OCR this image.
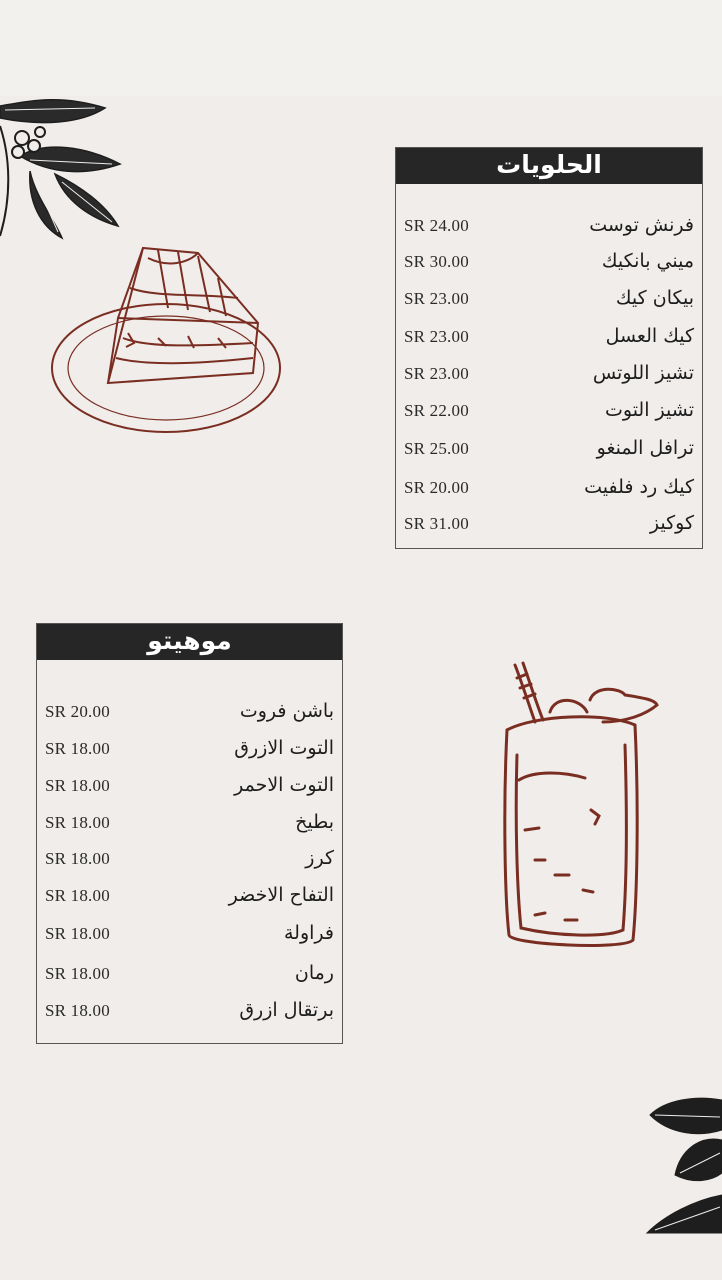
الحلويات
فرنش توست
SR 24.00
ميني بانكيك
SR 30.00
بيكان كيك
SR 23.00
كيك العسل
SR 23.00
تشيز اللوتس
SR 23.00
تشيز التوت
SR 22.00
ترافل المنغو
SR 25.00
كيك رد فلفيت
SR 20.00
كوكيز
SR 31.00
موهيتو
باشن فروت
SR 20.00
التوت الازرق
SR 18.00
التوت الاحمر
SR 18.00
بطيخ
SR 18.00
كرز
SR 18.00
التفاح الاخضر
SR 18.00
فراولة
SR 18.00
رمان
SR 18.00
برتقال ازرق
SR 18.00
